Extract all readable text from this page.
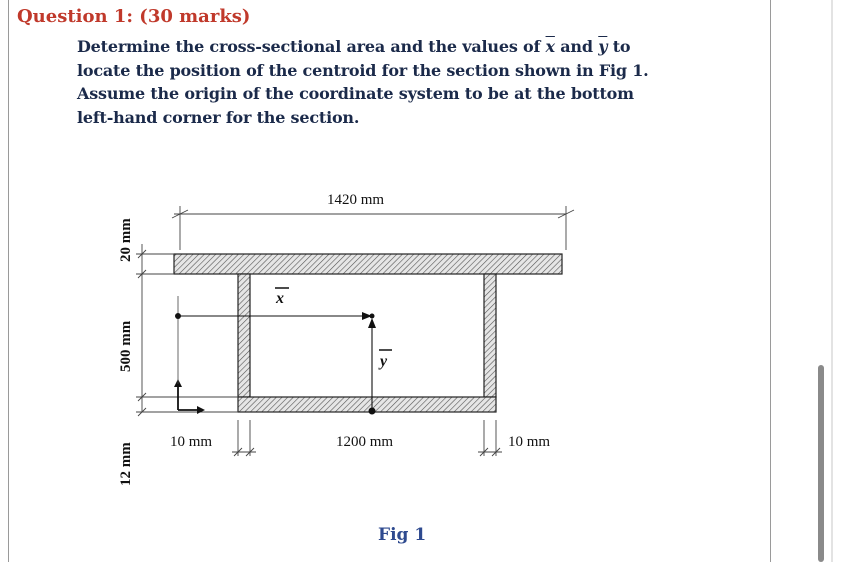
Question 1: (30 marks)

Determine the cross-sectional area and the values of $\overline{x}$ and $\overline{y}$ to
locate the position of the centroid for the section shown in Fig 1.
Assume the origin of the coordinate system to be at the bottom
left-hand corner for the section.

1420 mm
20 mm
500 mm
12 mm
x
y
10 mm	1200 mm	10 mm
Fig 1
